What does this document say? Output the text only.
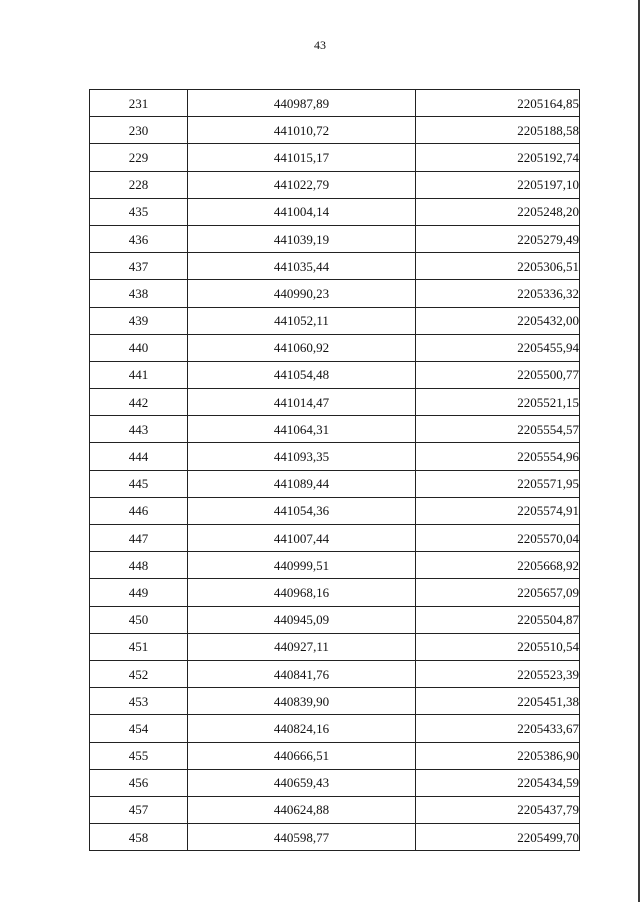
43
231	440987,89	2205164,85
230	441010,72	2205188,58
229	441015,17	2205192,74
228	441022,79	2205197,10
435	441004,14	2205248,20
436	441039,19	2205279,49
437	441035,44	2205306,51
438	440990,23	2205336,32
439	441052,11	2205432,00
440	441060,92	2205455,94
441	441054,48	2205500,77
442	441014,47	2205521,15
443	441064,31	2205554,57
444	441093,35	2205554,96
445	441089,44	2205571,95
446	441054,36	2205574,91
447	441007,44	2205570,04
448	440999,51	2205668,92
449	440968,16	2205657,09
450	440945,09	2205504,87
451	440927,11	2205510,54
452	440841,76	2205523,39
453	440839,90	2205451,38
454	440824,16	2205433,67
455	440666,51	2205386,90
456	440659,43	2205434,59
457	440624,88	2205437,79
458	440598,77	2205499,70
